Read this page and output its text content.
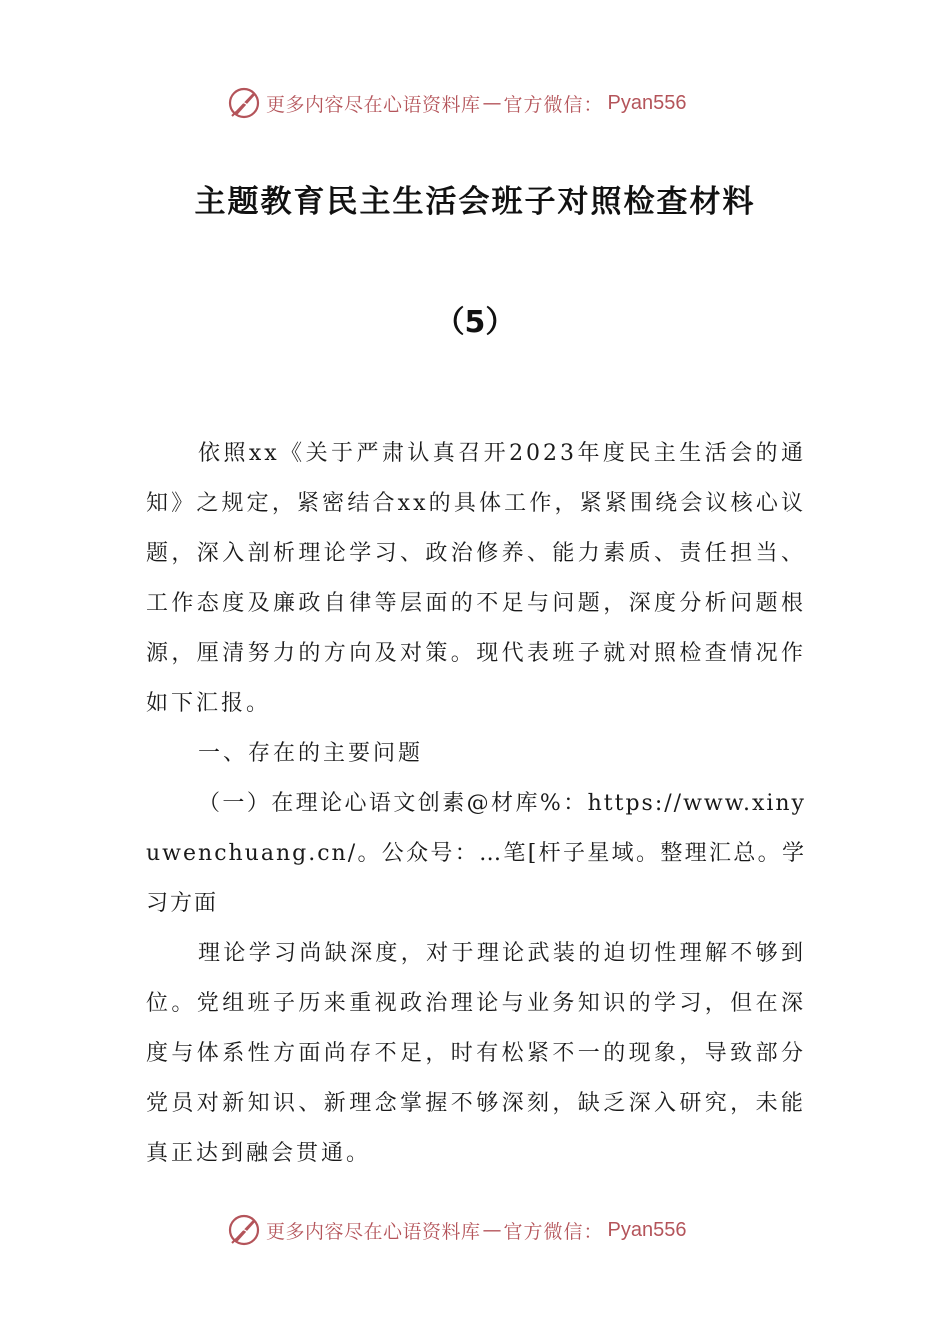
更多内容尽在心语资料库 — 官方微信： Pyan556
主题教育民主生活会班子对照检查材料
（5）

依照xx《关于严肃认真召开2023年度民主生活会的通知》之规定，紧密结合xx的具体工作，紧紧围绕会议核心议题，深入剖析理论学习、政治修养、能力素质、责任担当、工作态度及廉政自律等层面的不足与问题，深度分析问题根源，厘清努力的方向及对策。现代表班子就对照检查情况作如下汇报。

一、存在的主要问题

（一）在理论心语文创素@材库%：https://www.xinyuwenchuang.cn/。公众号：…笔[杆子星域。整理汇总。学习方面

理论学习尚缺深度，对于理论武装的迫切性理解不够到位。党组班子历来重视政治理论与业务知识的学习，但在深度与体系性方面尚存不足，时有松紧不一的现象，导致部分党员对新知识、新理念掌握不够深刻，缺乏深入研究，未能真正达到融会贯通。

更多内容尽在心语资料库 — 官方微信： Pyan556
